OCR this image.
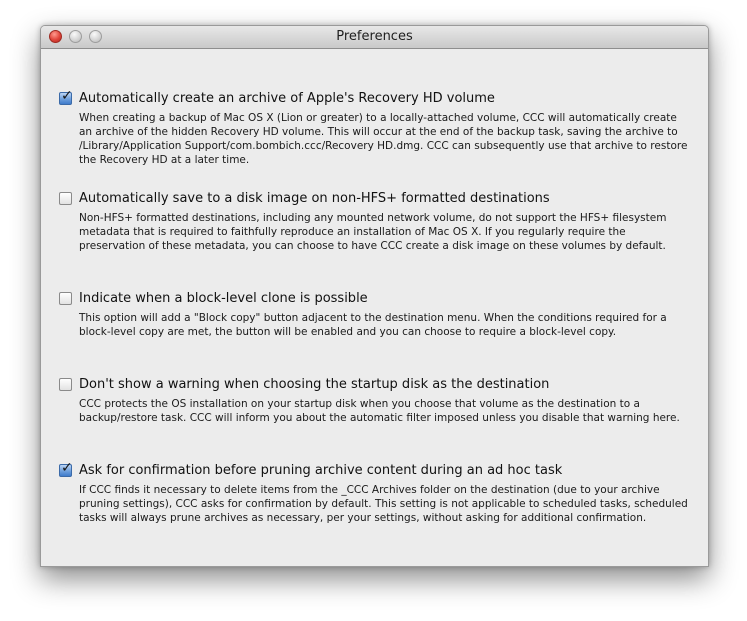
Preferences
✓ Automatically create an archive of Apple's Recovery HD volume
When creating a backup of Mac OS X (Lion or greater) to a locally-attached volume, CCC will automatically create an archive of the hidden Recovery HD volume. This will occur at the end of the backup task, saving the archive to /Library/Application Support/com.bombich.ccc/Recovery HD.dmg. CCC can subsequently use that archive to restore the Recovery HD at a later time.
Automatically save to a disk image on non-HFS+ formatted destinations
Non-HFS+ formatted destinations, including any mounted network volume, do not support the HFS+ filesystem metadata that is required to faithfully reproduce an installation of Mac OS X. If you regularly require the preservation of these metadata, you can choose to have CCC create a disk image on these volumes by default.
Indicate when a block-level clone is possible
This option will add a "Block copy" button adjacent to the destination menu. When the conditions required for a block-level copy are met, the button will be enabled and you can choose to require a block-level copy.
Don't show a warning when choosing the startup disk as the destination
CCC protects the OS installation on your startup disk when you choose that volume as the destination to a backup/restore task. CCC will inform you about the automatic filter imposed unless you disable that warning here.
✓ Ask for confirmation before pruning archive content during an ad hoc task
If CCC finds it necessary to delete items from the _CCC Archives folder on the destination (due to your archive pruning settings), CCC asks for confirmation by default. This setting is not applicable to scheduled tasks, scheduled tasks will always prune archives as necessary, per your settings, without asking for additional confirmation.
